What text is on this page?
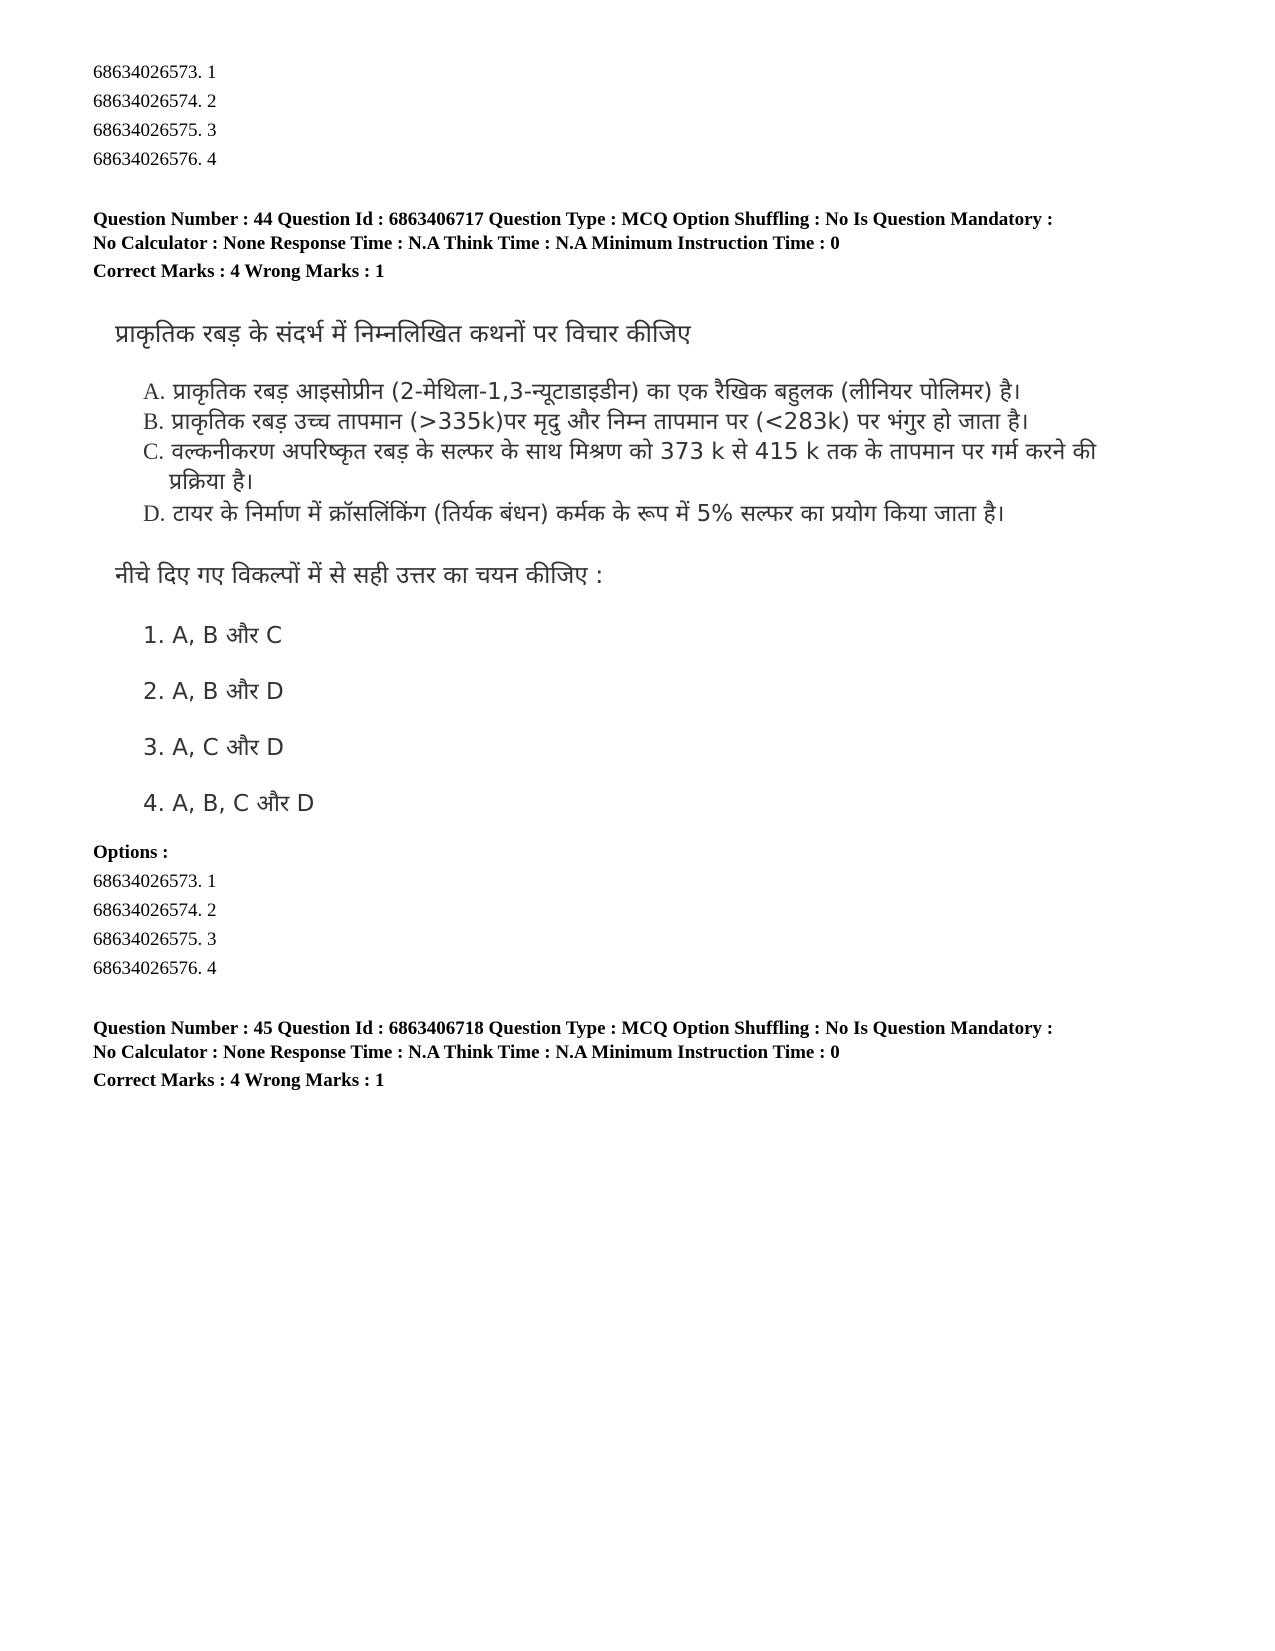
68634026573. 1
68634026574. 2
68634026575. 3
68634026576. 4
Question Number : 44 Question Id : 6863406717 Question Type : MCQ Option Shuffling : No Is Question Mandatory :
No Calculator : None Response Time : N.A Think Time : N.A Minimum Instruction Time : 0
Correct Marks : 4 Wrong Marks : 1
प्राकृतिक रबड़ के संदर्भ में निम्नलिखित कथनों पर विचार कीजिए
A. प्राकृतिक रबड़ आइसोप्रीन (2-मेथिला-1,3-न्यूटाडाइडीन) का एक रैखिक बहुलक (लीनियर पोलिमर) है।
B. प्राकृतिक रबड़ उच्च तापमान (>335k)पर मृदु और निम्न तापमान पर (<283k) पर भंगुर हो जाता है।
C. वल्कनीकरण अपरिष्कृत रबड़ के सल्फर के साथ मिश्रण को 373 k से 415 k तक के तापमान पर गर्म करने की
प्रक्रिया है।
D. टायर के निर्माण में क्रॉसलिंकिंग (तिर्यक बंधन) कर्मक के रूप में 5% सल्फर का प्रयोग किया जाता है।
नीचे दिए गए विकल्पों में से सही उत्तर का चयन कीजिए :
1. A, B और C
2. A, B और D
3. A, C और D
4. A, B, C और D
Options :
68634026573. 1
68634026574. 2
68634026575. 3
68634026576. 4
Question Number : 45 Question Id : 6863406718 Question Type : MCQ Option Shuffling : No Is Question Mandatory :
No Calculator : None Response Time : N.A Think Time : N.A Minimum Instruction Time : 0
Correct Marks : 4 Wrong Marks : 1
